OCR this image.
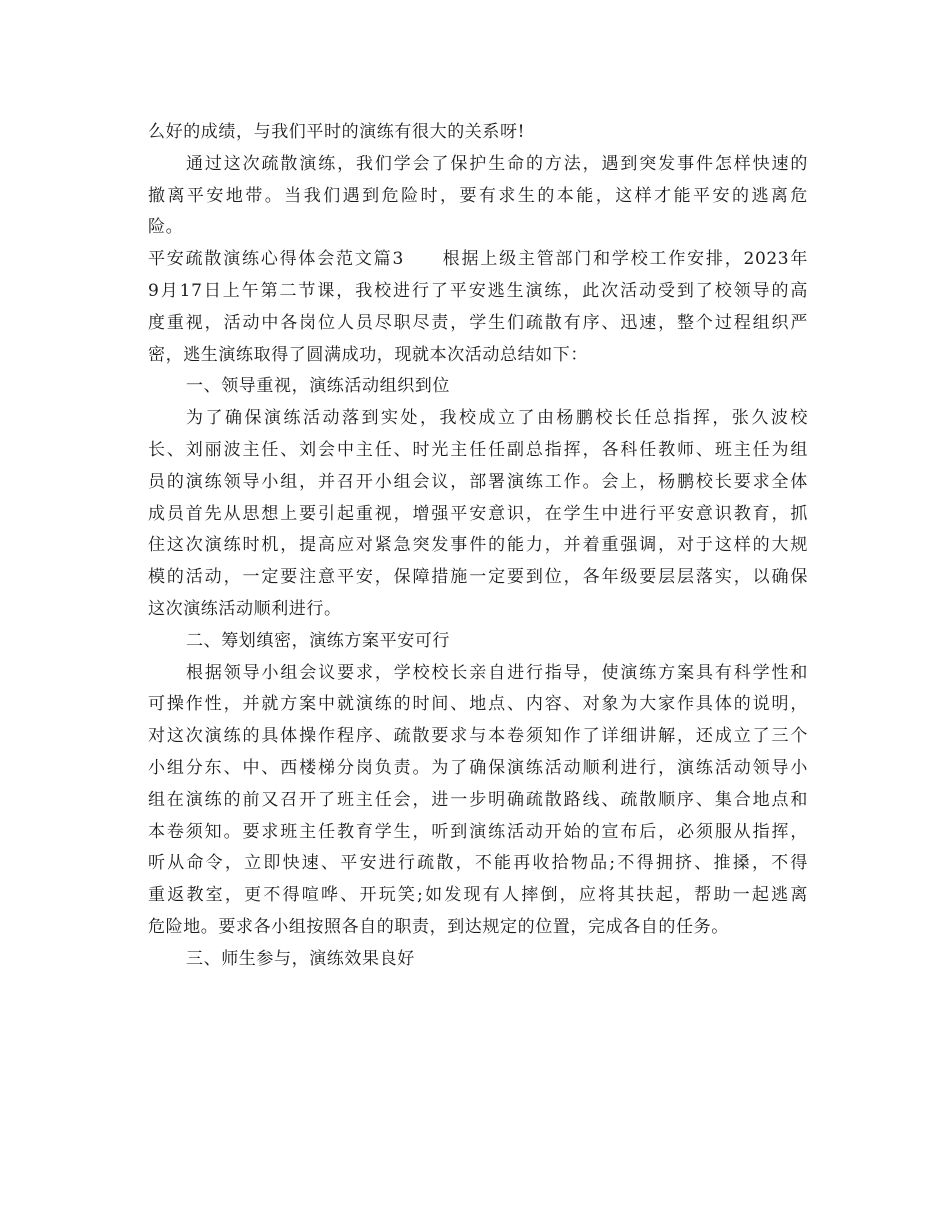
么好的成绩，与我们平时的演练有很大的关系呀!
通过这次疏散演练，我们学会了保护生命的方法，遇到突发事件怎样快速的
撤离平安地带。当我们遇到危险时，要有求生的本能，这样才能平安的逃离危
险。
平安疏散演练心得体会范文篇3　　根据上级主管部门和学校工作安排，2023年
9月17日上午第二节课，我校进行了平安逃生演练，此次活动受到了校领导的高
度重视，活动中各岗位人员尽职尽责，学生们疏散有序、迅速，整个过程组织严
密，逃生演练取得了圆满成功，现就本次活动总结如下：
一、领导重视，演练活动组织到位
为了确保演练活动落到实处，我校成立了由杨鹏校长任总指挥，张久波校
长、刘丽波主任、刘会中主任、时光主任任副总指挥，各科任教师、班主任为组
员的演练领导小组，并召开小组会议，部署演练工作。会上，杨鹏校长要求全体
成员首先从思想上要引起重视，增强平安意识，在学生中进行平安意识教育，抓
住这次演练时机，提高应对紧急突发事件的能力，并着重强调，对于这样的大规
模的活动，一定要注意平安，保障措施一定要到位，各年级要层层落实，以确保
这次演练活动顺利进行。
二、筹划缜密，演练方案平安可行
根据领导小组会议要求，学校校长亲自进行指导，使演练方案具有科学性和
可操作性，并就方案中就演练的时间、地点、内容、对象为大家作具体的说明，
对这次演练的具体操作程序、疏散要求与本卷须知作了详细讲解，还成立了三个
小组分东、中、西楼梯分岗负责。为了确保演练活动顺利进行，演练活动领导小
组在演练的前又召开了班主任会，进一步明确疏散路线、疏散顺序、集合地点和
本卷须知。要求班主任教育学生，听到演练活动开始的宣布后，必须服从指挥，
听从命令，立即快速、平安进行疏散，不能再收拾物品;不得拥挤、推搡，不得
重返教室，更不得喧哗、开玩笑;如发现有人摔倒，应将其扶起，帮助一起逃离
危险地。要求各小组按照各自的职责，到达规定的位置，完成各自的任务。
三、师生参与，演练效果良好
